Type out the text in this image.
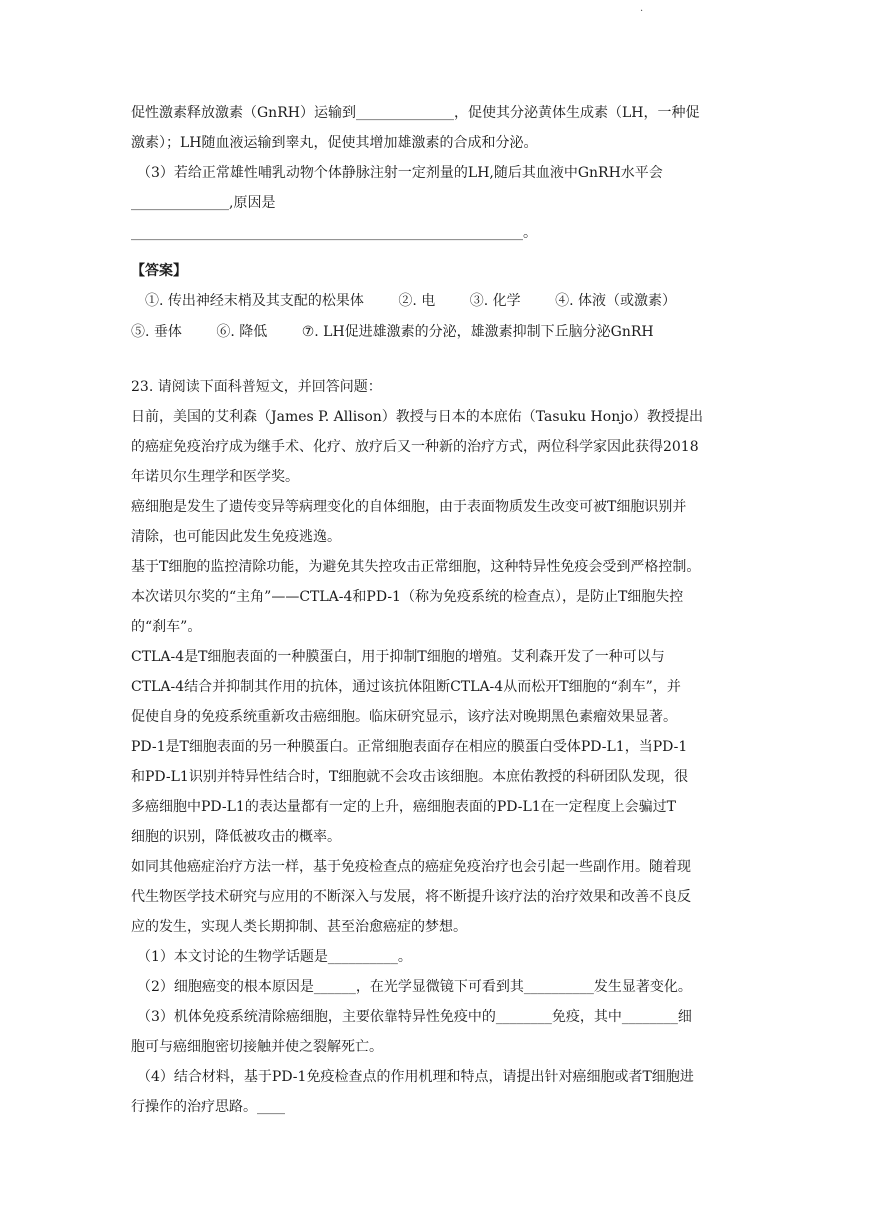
·
促性激素释放激素（GnRH）运输到______________，促使其分泌黄体生成素（LH，一种促
激素）；LH随血液运输到睾丸，促使其增加雄激素的合成和分泌。
（3）若给正常雄性哺乳动物个体静脉注射一定剂量的LH,随后其血液中GnRH水平会
______________,原因是
________________________________________________________。
【答案】
①. 传出神经末梢及其支配的松果体 ②. 电 ③. 化学 ④. 体液（或激素）
⑤. 垂体 ⑥. 降低 ⑦. LH促进雄激素的分泌，雄激素抑制下丘脑分泌GnRH
23. 请阅读下面科普短文，并回答问题：
日前，美国的艾利森（James P. Allison）教授与日本的本庶佑（Tasuku Honjo）教授提出
的癌症免疫治疗成为继手术、化疗、放疗后又一种新的治疗方式，两位科学家因此获得2018
年诺贝尔生理学和医学奖。
癌细胞是发生了遗传变异等病理变化的自体细胞，由于表面物质发生改变可被T细胞识别并
清除，也可能因此发生免疫逃逸。
基于T细胞的监控清除功能，为避免其失控攻击正常细胞，这种特异性免疫会受到严格控制。
本次诺贝尔奖的“主角”——CTLA-4和PD-1（称为免疫系统的检查点），是防止T细胞失控
的“刹车”。
CTLA-4是T细胞表面的一种膜蛋白，用于抑制T细胞的增殖。艾利森开发了一种可以与
CTLA-4结合并抑制其作用的抗体，通过该抗体阻断CTLA-4从而松开T细胞的“刹车”，并
促使自身的免疫系统重新攻击癌细胞。临床研究显示，该疗法对晚期黑色素瘤效果显著。
PD-1是T细胞表面的另一种膜蛋白。正常细胞表面存在相应的膜蛋白受体PD-L1，当PD-1
和PD-L1识别并特异性结合时，T细胞就不会攻击该细胞。本庶佑教授的科研团队发现，很
多癌细胞中PD-L1的表达量都有一定的上升，癌细胞表面的PD-L1在一定程度上会骗过T
细胞的识别，降低被攻击的概率。
如同其他癌症治疗方法一样，基于免疫检查点的癌症免疫治疗也会引起一些副作用。随着现
代生物医学技术研究与应用的不断深入与发展，将不断提升该疗法的治疗效果和改善不良反
应的发生，实现人类长期抑制、甚至治愈癌症的梦想。
（1）本文讨论的生物学话题是__________。
（2）细胞癌变的根本原因是______，在光学显微镜下可看到其__________发生显著变化。
（3）机体免疫系统清除癌细胞，主要依靠特异性免疫中的________免疫，其中________细
胞可与癌细胞密切接触并使之裂解死亡。
（4）结合材料，基于PD-1免疫检查点的作用机理和特点，请提出针对癌细胞或者T细胞进
行操作的治疗思路。____
